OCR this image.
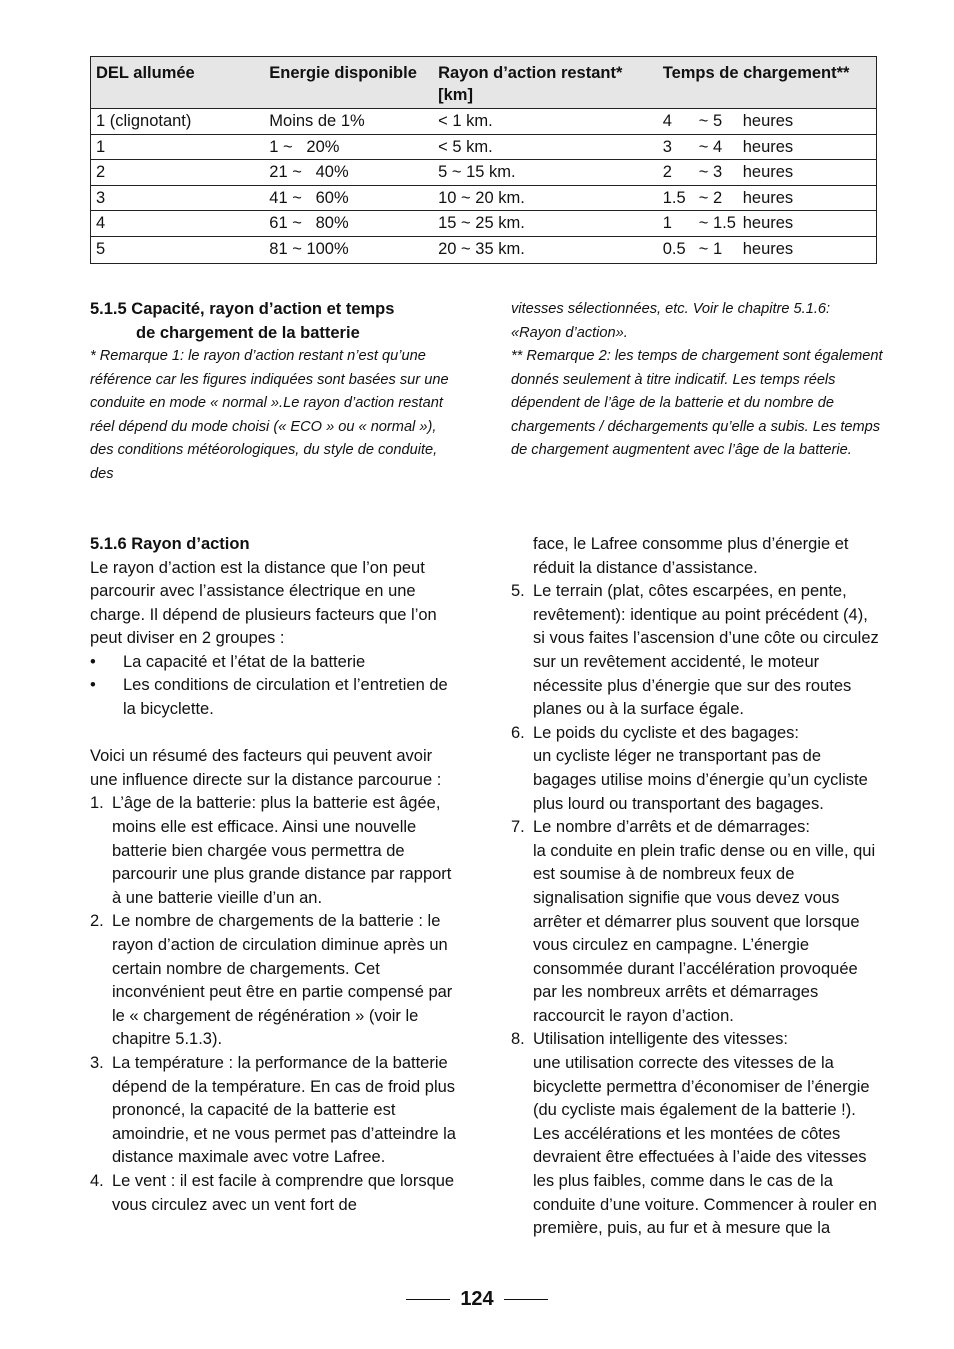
DEL allumée	Energie disponible	Rayon d’action restant* [km]	Temps de chargement**
1 (clignotant)	Moins de 1%	< 1 km.	4 ~ 5 heures
1	1 ~   20%	< 5 km.	3 ~ 4 heures
2	21 ~   40%	5 ~ 15 km.	2 ~ 3 heures
3	41 ~   60%	10 ~ 20 km.	1.5 ~ 2 heures
4	61 ~   80%	15 ~ 25 km.	1 ~ 1.5 heures
5	81 ~ 100%	20 ~ 35 km.	0.5 ~ 1 heures

5.1.5 Capacité, rayon d’action et temps
de chargement de la batterie

* Remarque 1: le rayon d’action restant n’est qu’une référence car les figures indiquées sont basées sur une conduite en mode « normal ».Le rayon d’action restant réel dépend du mode choisi (« ECO » ou « normal »), des conditions météorologiques, du style de conduite, des

vitesses sélectionnées, etc. Voir le chapitre 5.1.6: «Rayon d’action».

** Remarque 2: les temps de chargement sont également donnés seulement à titre indicatif. Les temps réels dépendent de l’âge de la batterie et du nombre de chargements / déchargements qu’elle a subis. Les temps de chargement augmentent avec l’âge de la batterie.

5.1.6 Rayon d’action

Le rayon d’action est la distance que l’on peut parcourir avec l’assistance électrique en une charge. Il dépend de plusieurs facteurs que l’on peut diviser en 2 groupes :

• La capacité et l’état de la batterie
• Les conditions de circulation et l’entretien de la bicyclette.

Voici un résumé des facteurs qui peuvent avoir une influence directe sur la distance parcourue :

1. L’âge de la batterie: plus la batterie est âgée, moins elle est efficace. Ainsi une nouvelle batterie bien chargée vous permettra de parcourir une plus grande distance par rapport à une batterie vieille d’un an.
2. Le nombre de chargements de la batterie : le rayon d’action de circulation diminue après un certain nombre de chargements. Cet inconvénient peut être en partie compensé par le « chargement de régénération » (voir le chapitre 5.1.3).
3. La température : la performance de la batterie dépend de la température. En cas de froid plus prononcé, la capacité de la batterie est amoindrie, et ne vous permet pas d’atteindre la distance maximale avec votre Lafree.
4. Le vent : il est facile à comprendre que lorsque vous circulez avec un vent fort de
face, le Lafree consomme plus d’énergie et réduit la distance d’assistance.
5. Le terrain (plat, côtes escarpées, en pente, revêtement): identique au point précédent (4), si vous faites l’ascension d’une côte ou circulez sur un revêtement accidenté, le moteur nécessite plus d’énergie que sur des routes planes ou à la surface égale.
6. Le poids du cycliste et des bagages:
un cycliste léger ne transportant pas de bagages utilise moins d’énergie qu’un cycliste plus lourd ou transportant des bagages.
7. Le nombre d’arrêts et de démarrages:
la conduite en plein trafic dense ou en ville, qui est soumise à de nombreux feux de signalisation signifie que vous devez vous arrêter et démarrer plus souvent que lorsque vous circulez en campagne. L’énergie consommée durant l’accélération provoquée par les nombreux arrêts et démarrages raccourcit le rayon d’action.
8. Utilisation intelligente des vitesses:
une utilisation correcte des vitesses de la bicyclette permettra d’économiser de l’énergie (du cycliste mais également de la batterie !). Les accélérations et les montées de côtes devraient être effectuées à l’aide des vitesses les plus faibles, comme dans le cas de la conduite d’une voiture. Commencer à rouler en première, puis, au fur et à mesure que la
124
